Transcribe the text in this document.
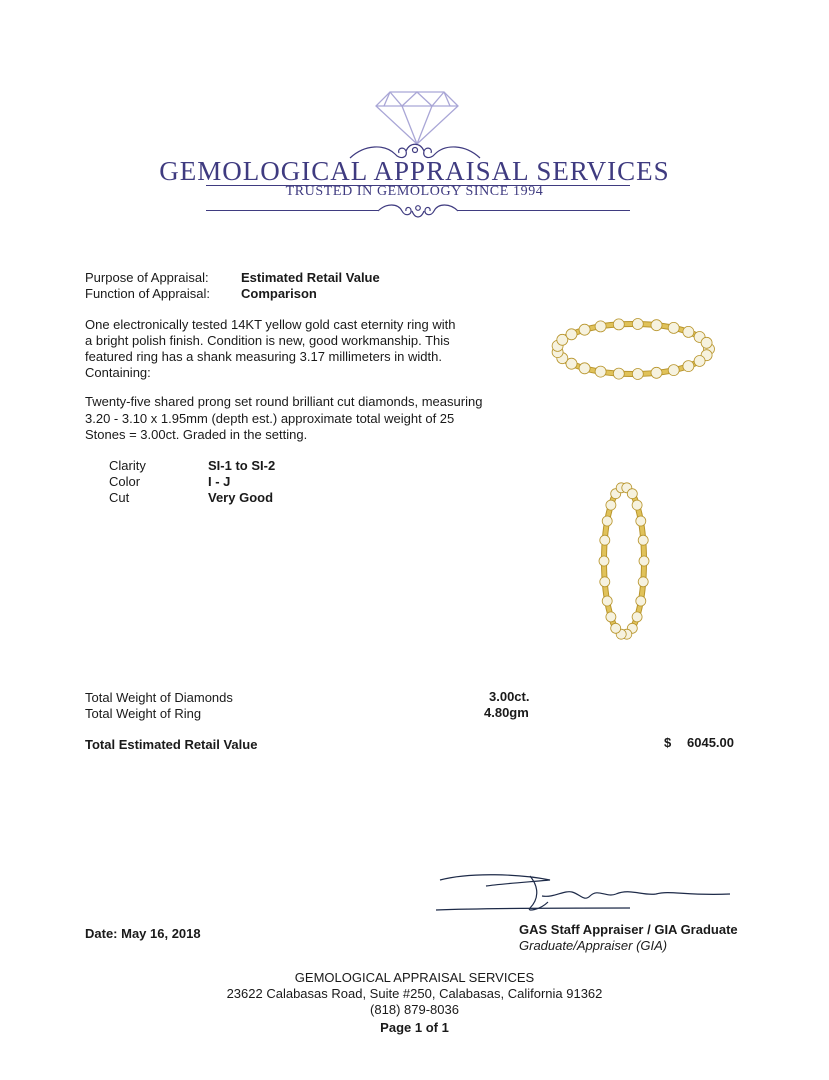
GEMOLOGICAL APPRAISAL SERVICES
TRUSTED IN GEMOLOGY SINCE 1994
Purpose of Appraisal: Estimated Retail Value
Function of Appraisal: Comparison
One electronically tested 14KT yellow gold cast eternity ring with
a bright polish finish. Condition is new, good workmanship. This
featured ring has a shank measuring 3.17 millimeters in width.
Containing:
Twenty-five shared prong set round brilliant cut diamonds, measuring
3.20 - 3.10 x 1.95mm (depth est.) approximate total weight of 25
Stones = 3.00ct. Graded in the setting.
Clarity	SI-1 to SI-2
Color	I - J
Cut	Very Good
Total Weight of Diamonds	3.00ct.
Total Weight of Ring	4.80gm
Total Estimated Retail Value	$ 6045.00
Date: May 16, 2018	GAS Staff Appraiser / GIA Graduate
Graduate/Appraiser (GIA)
GEMOLOGICAL APPRAISAL SERVICES
23622 Calabasas Road, Suite #250, Calabasas, California 91362
(818) 879-8036
Page 1 of 1
